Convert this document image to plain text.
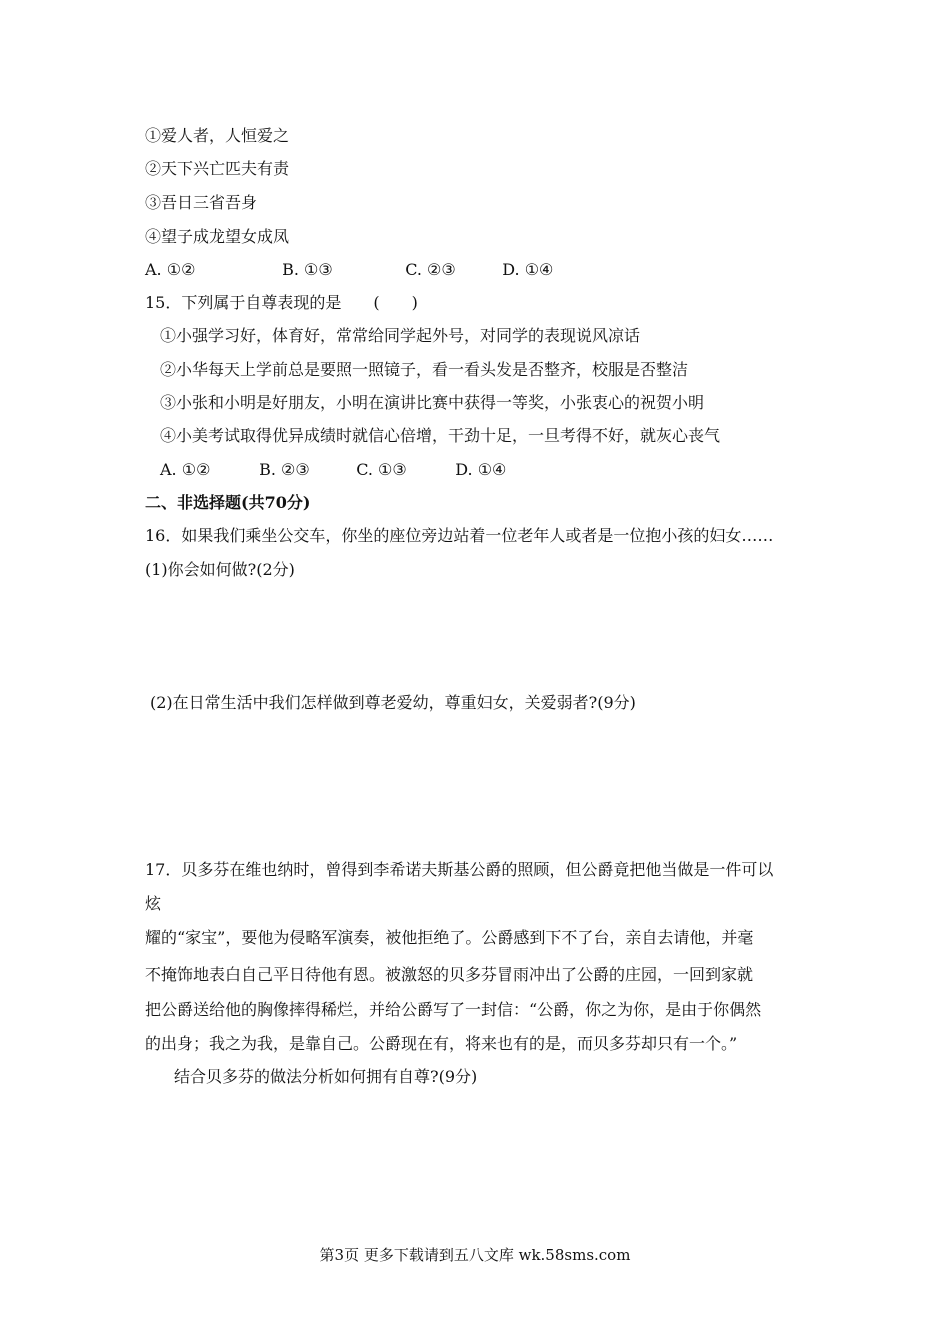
①爱人者，人恒爱之
②天下兴亡匹夫有责
③吾日三省吾身
④望子成龙望女成凤
A. ①②	B. ①③	C. ②③	D. ①④
15．下列属于自尊表现的是　　(　　)
①小强学习好，体育好，常常给同学起外号，对同学的表现说风凉话
②小华每天上学前总是要照一照镜子，看一看头发是否整齐，校服是否整洁
③小张和小明是好朋友，小明在演讲比赛中获得一等奖，小张衷心的祝贺小明
④小美考试取得优异成绩时就信心倍增，干劲十足，一旦考得不好，就灰心丧气
A. ①②	B. ②③	C. ①③	D. ①④
二、非选择题(共70分)
16．如果我们乘坐公交车，你坐的座位旁边站着一位老年人或者是一位抱小孩的妇女……
(1)你会如何做?(2分)
(2)在日常生活中我们怎样做到尊老爱幼，尊重妇女，关爱弱者?(9分)
17．贝多芬在维也纳时，曾得到李希诺夫斯基公爵的照顾，但公爵竟把他当做是一件可以
炫
耀的“家宝”，要他为侵略军演奏，被他拒绝了。公爵感到下不了台，亲自去请他，并毫
不掩饰地表白自己平日待他有恩。被激怒的贝多芬冒雨冲出了公爵的庄园，一回到家就
把公爵送给他的胸像摔得稀烂，并给公爵写了一封信：“公爵，你之为你，是由于你偶然
的出身；我之为我，是靠自己。公爵现在有，将来也有的是，而贝多芬却只有一个。”
结合贝多芬的做法分析如何拥有自尊?(9分)
第3页 更多下载请到五八文库 wk.58sms.com
